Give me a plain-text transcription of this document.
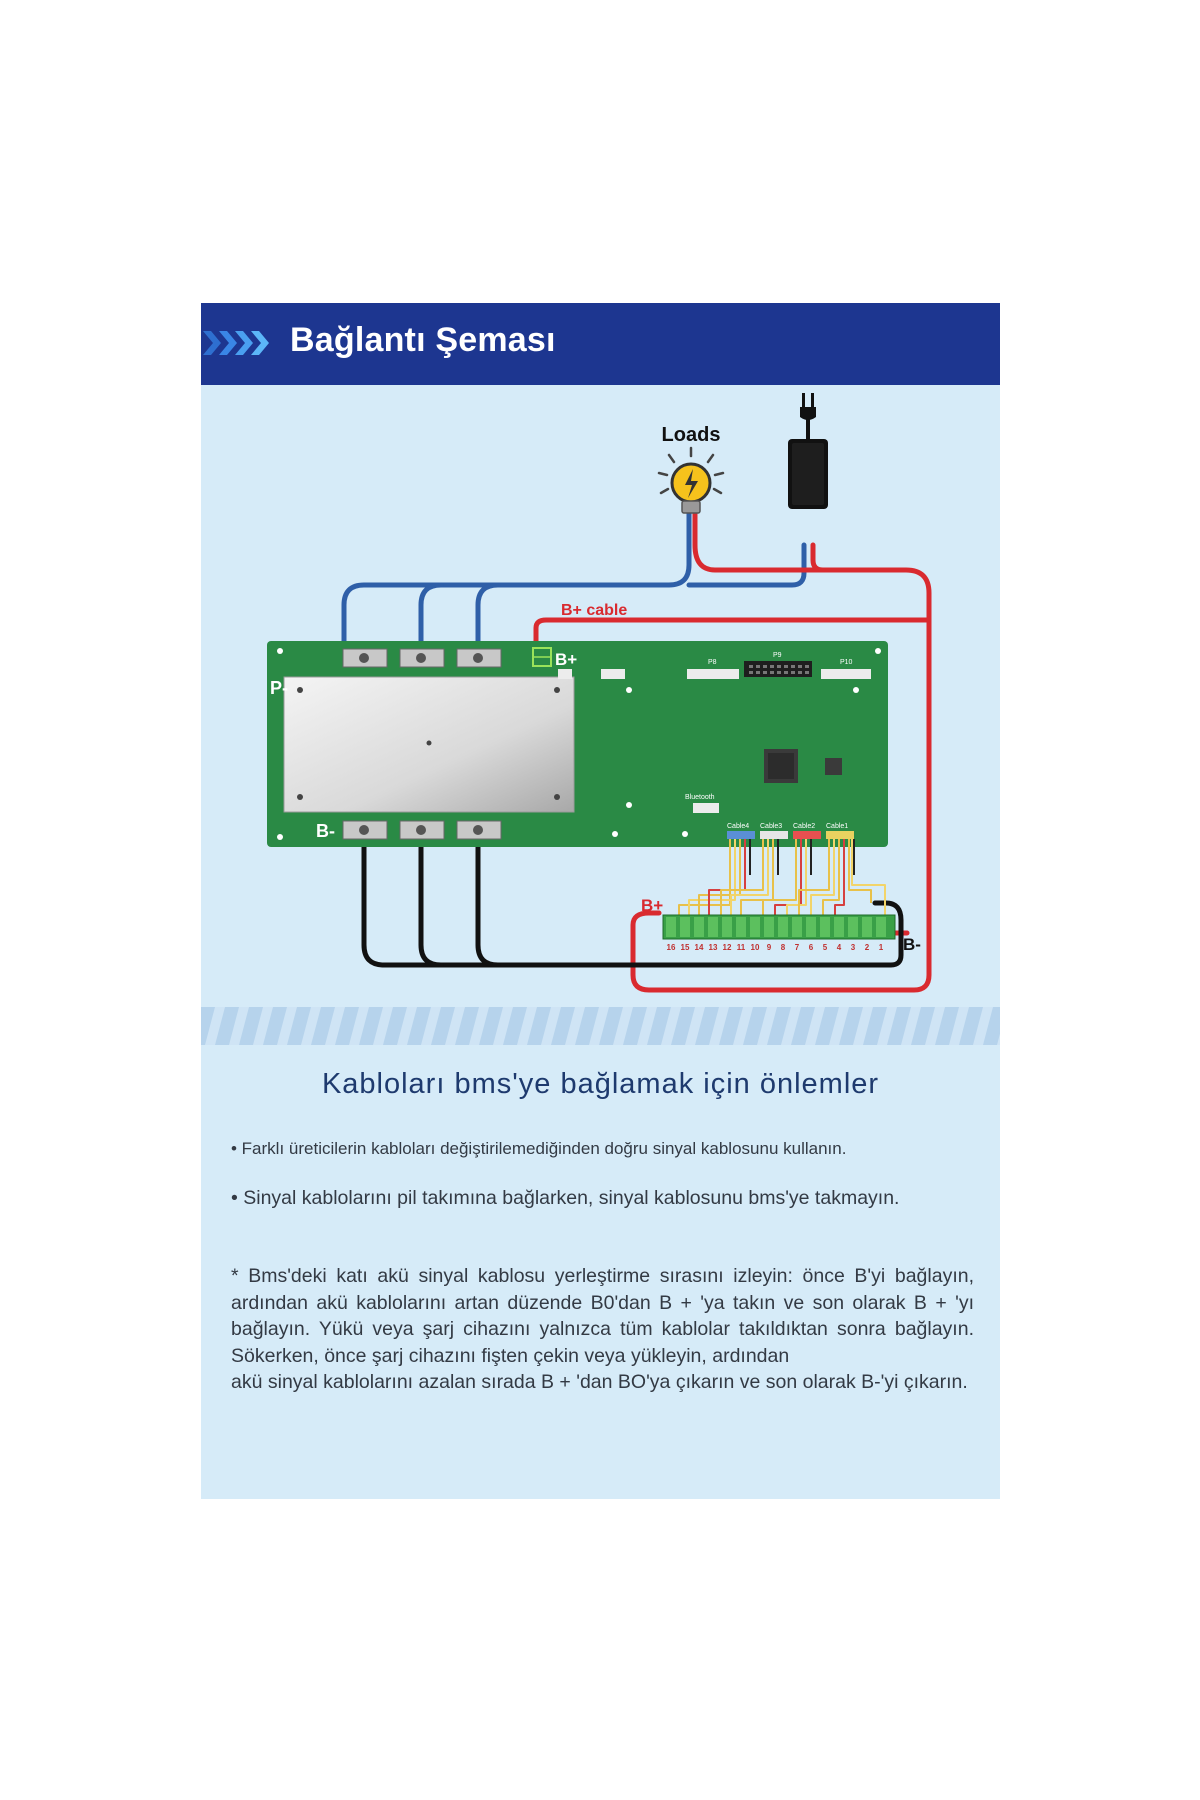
Bağlantı Şeması
Loads
P-
B-
B+
B+ cable
P8
P9
P10
Bluetooth
Cable4 Cable3 Cable2 Cable1
B+
B-
16 15 14 13 12 11 10 9 8 7 6 5 4 3 2 1
Kabloları bms'ye bağlamak için önlemler
• Farklı üreticilerin kabloları değiştirilemediğinden doğru sinyal kablosunu kullanın.
• Sinyal kablolarını pil takımına bağlarken, sinyal kablosunu bms'ye takmayın.

* Bms'deki katı akü sinyal kablosu yerleştirme sırasını izleyin: önce B'yi bağlayın, ardından akü kablolarını artan düzende B0'dan B + 'ya takın ve son olarak B + 'yı bağlayın. Yükü veya şarj cihazını yalnızca tüm kablolar takıldıktan sonra bağlayın. Sökerken, önce şarj cihazını fişten çekin veya yükleyin, ardından

akü sinyal kablolarını azalan sırada B + 'dan BO'ya çıkarın ve son olarak B-'yi çıkarın.
